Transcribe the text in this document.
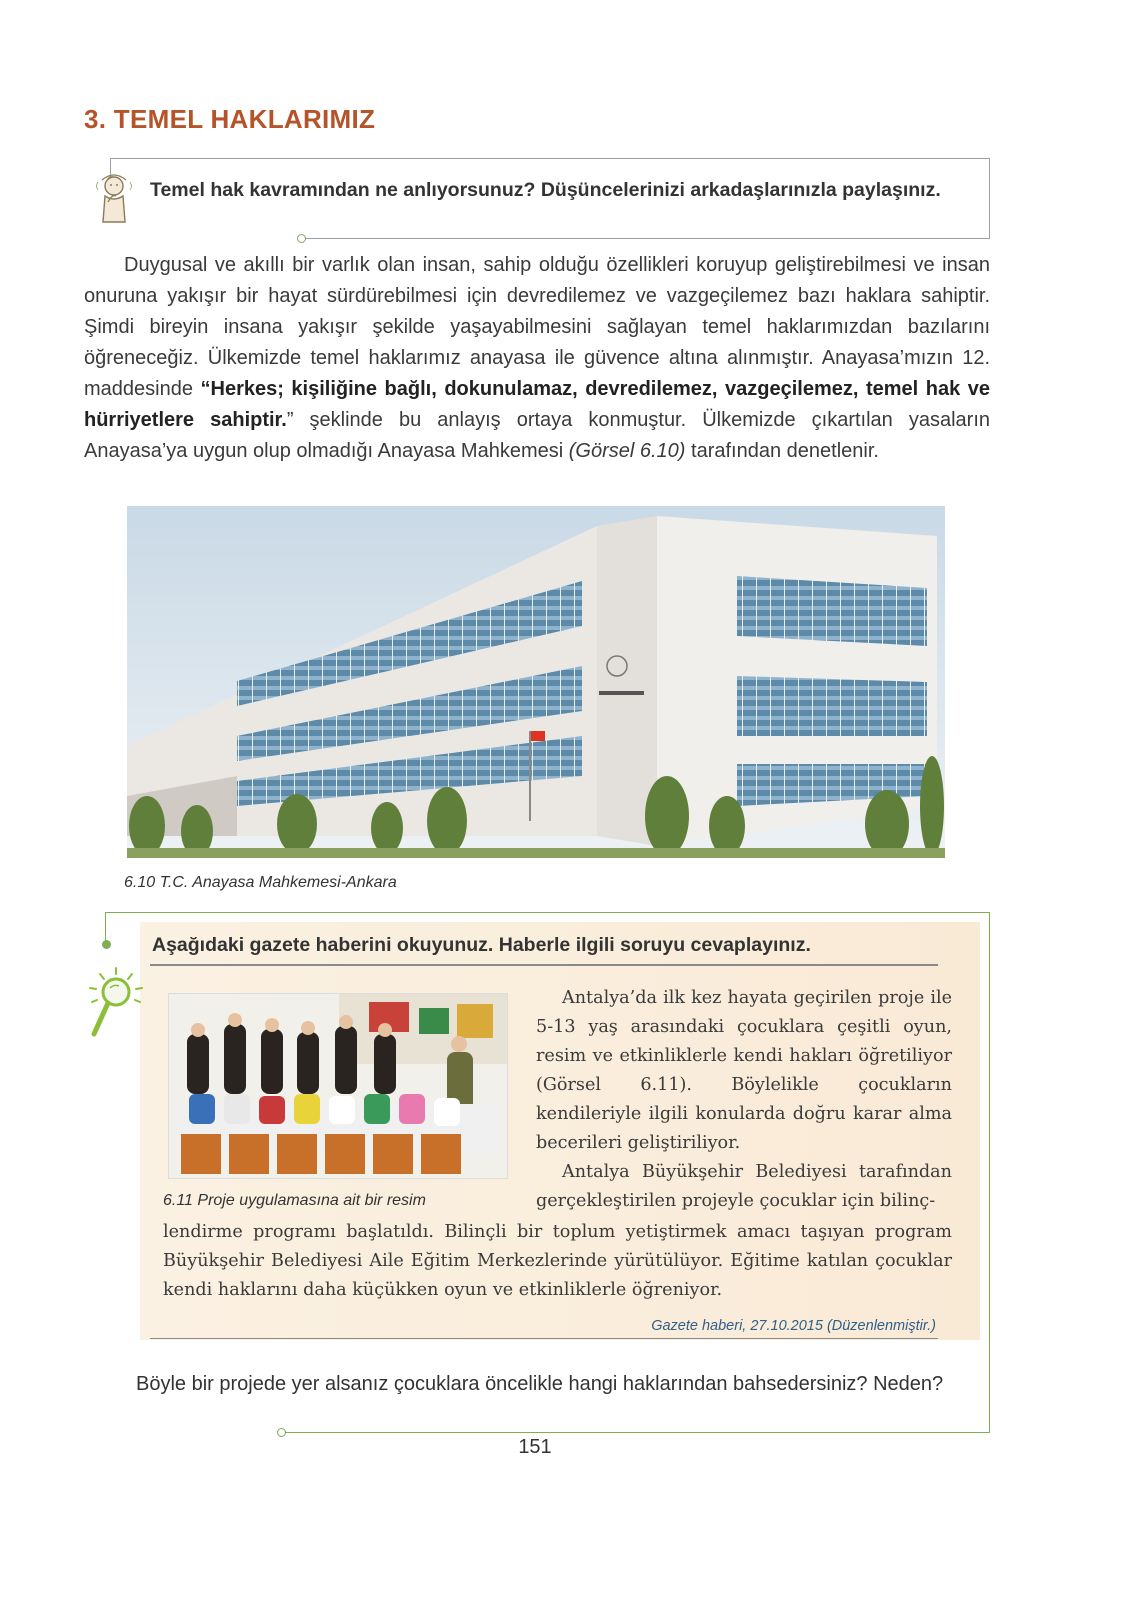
3. TEMEL HAKLARIMIZ
Temel hak kavramından ne anlıyorsunuz? Düşüncelerinizi arkadaşlarınızla paylaşınız.

Duygusal ve akıllı bir varlık olan insan, sahip olduğu özellikleri koruyup geliştirebilmesi ve insan onuruna yakışır bir hayat sürdürebilmesi için devredilemez ve vazgeçilemez bazı haklara sahiptir. Şimdi bireyin insana yakışır şekilde yaşayabilmesini sağlayan temel haklarımızdan bazılarını öğreneceğiz. Ülkemizde temel haklarımız anayasa ile güvence altına alınmıştır. Anayasa’mızın 12. maddesinde “Herkes; kişiliğine bağlı, dokunulamaz, devredilemez, vazgeçilemez, temel hak ve hürriyetlere sahiptir.” şeklinde bu anlayış ortaya konmuştur. Ülkemizde çıkartılan yasaların Anayasa’ya uygun olup olmadığı Anayasa Mahkemesi (Görsel 6.10) tarafından denetlenir.

6.10 T.C. Anayasa Mahkemesi-Ankara
Aşağıdaki gazete haberini okuyunuz. Haberle ilgili soruyu cevaplayınız.
6.11 Proje uygulamasına ait bir resim
Antalya’da ilk kez hayata geçirilen proje ile 5-13 yaş arasındaki çocuklara çeşitli oyun, resim ve etkinliklerle kendi hakları öğretiliyor (Görsel 6.11). Böylelikle çocukların kendileriyle ilgili konularda doğru karar alma becerileri geliştiriliyor.
Antalya Büyükşehir Belediyesi tarafından gerçekleştirilen projeyle çocuklar için bilinç-
lendirme programı başlatıldı. Bilinçli bir toplum yetiştirmek amacı taşıyan program Büyükşehir Belediyesi Aile Eğitim Merkezlerinde yürütülüyor. Eğitime katılan çocuklar kendi haklarını daha küçükken oyun ve etkinliklerle öğreniyor.
Gazete haberi, 27.10.2015 (Düzenlenmiştir.)
Böyle bir projede yer alsanız çocuklara öncelikle hangi haklarından bahsedersiniz? Neden?
151
